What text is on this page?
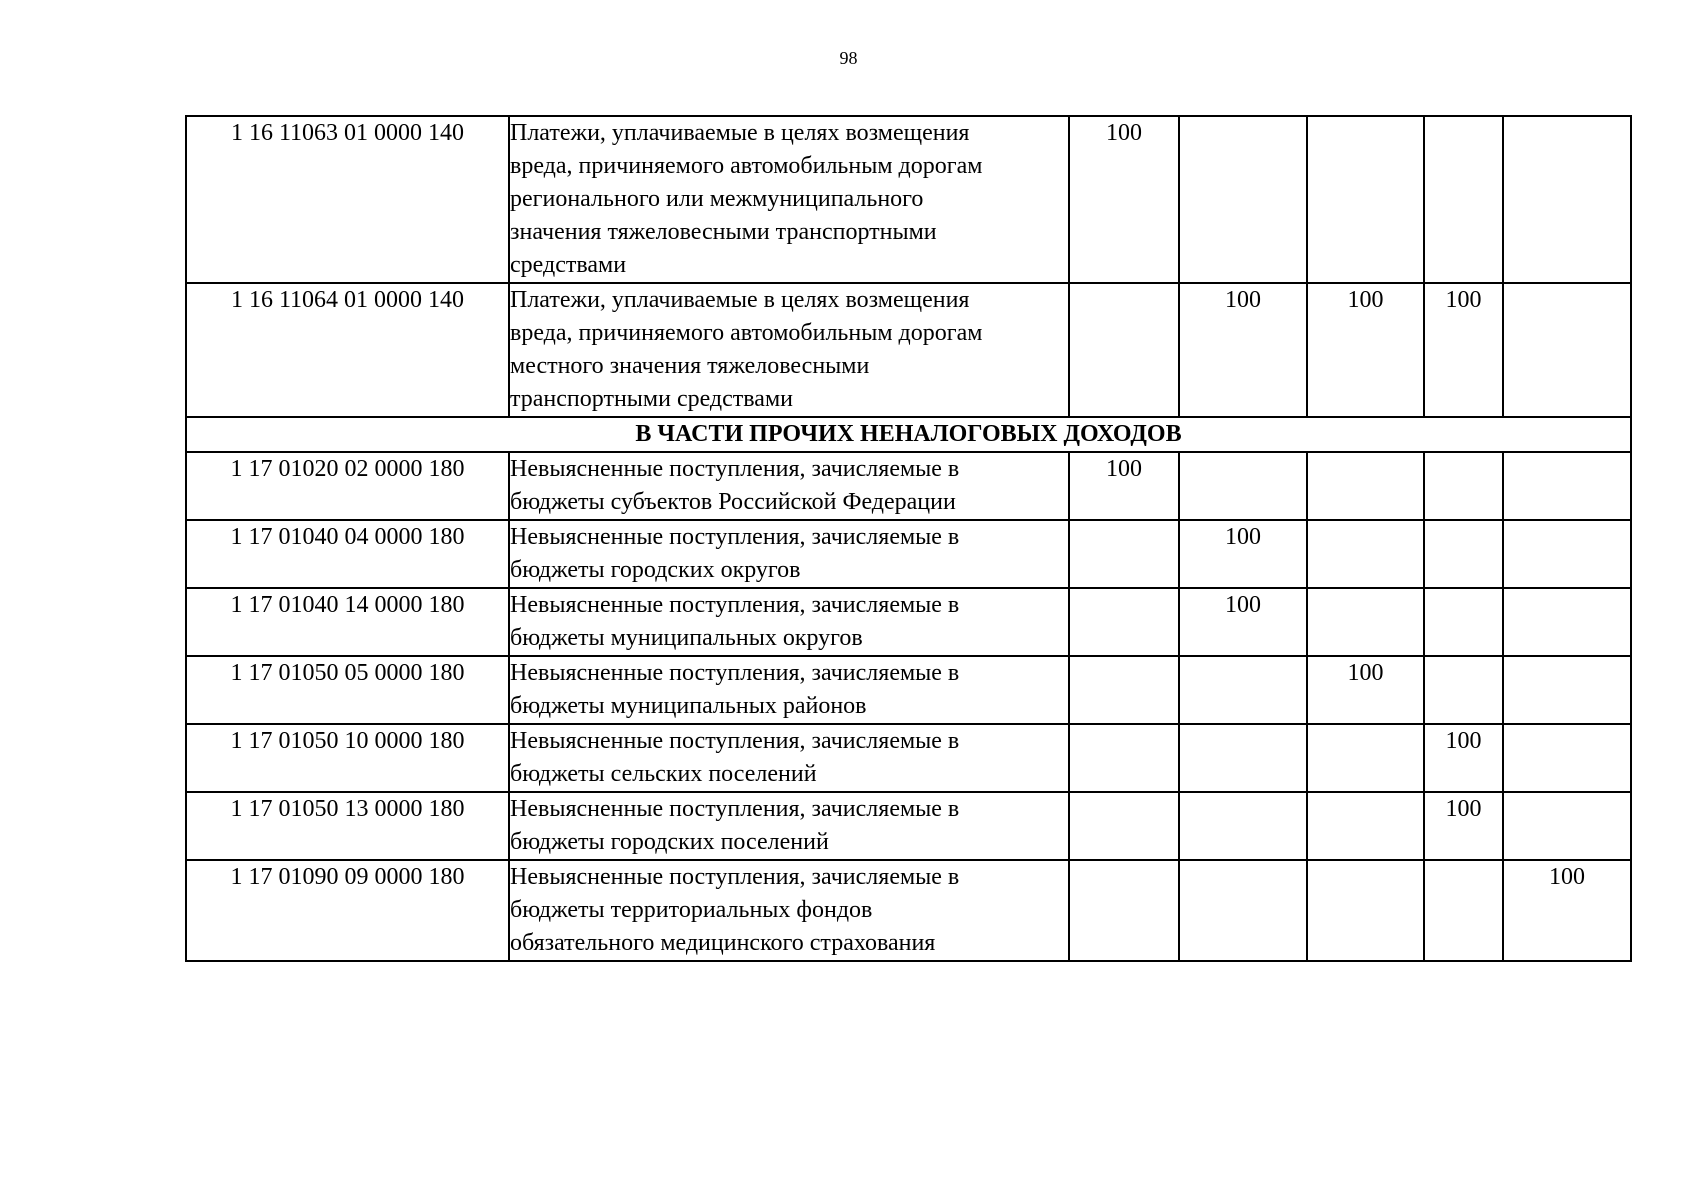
98
1 16 11063 01 0000 140	Платежи, уплачиваемые в целях возмещения
вреда, причиняемого автомобильным дорогам
регионального или межмуниципального
значения тяжеловесными транспортными
средствами	100				
1 16 11064 01 0000 140	Платежи, уплачиваемые в целях возмещения
вреда, причиняемого автомобильным дорогам
местного значения тяжеловесными
транспортными средствами		100	100	100	
В ЧАСТИ ПРОЧИХ НЕНАЛОГОВЫХ ДОХОДОВ						
1 17 01020 02 0000 180	Невыясненные поступления, зачисляемые в
бюджеты субъектов Российской Федерации	100				
1 17 01040 04 0000 180	Невыясненные поступления, зачисляемые в
бюджеты городских округов		100			
1 17 01040 14 0000 180	Невыясненные поступления, зачисляемые в
бюджеты муниципальных округов		100			
1 17 01050 05 0000 180	Невыясненные поступления, зачисляемые в
бюджеты муниципальных районов			100		
1 17 01050 10 0000 180	Невыясненные поступления, зачисляемые в
бюджеты сельских поселений				100	
1 17 01050 13 0000 180	Невыясненные поступления, зачисляемые в
бюджеты городских поселений				100	
1 17 01090 09 0000 180	Невыясненные поступления, зачисляемые в
бюджеты территориальных фондов
обязательного медицинского страхования					100
